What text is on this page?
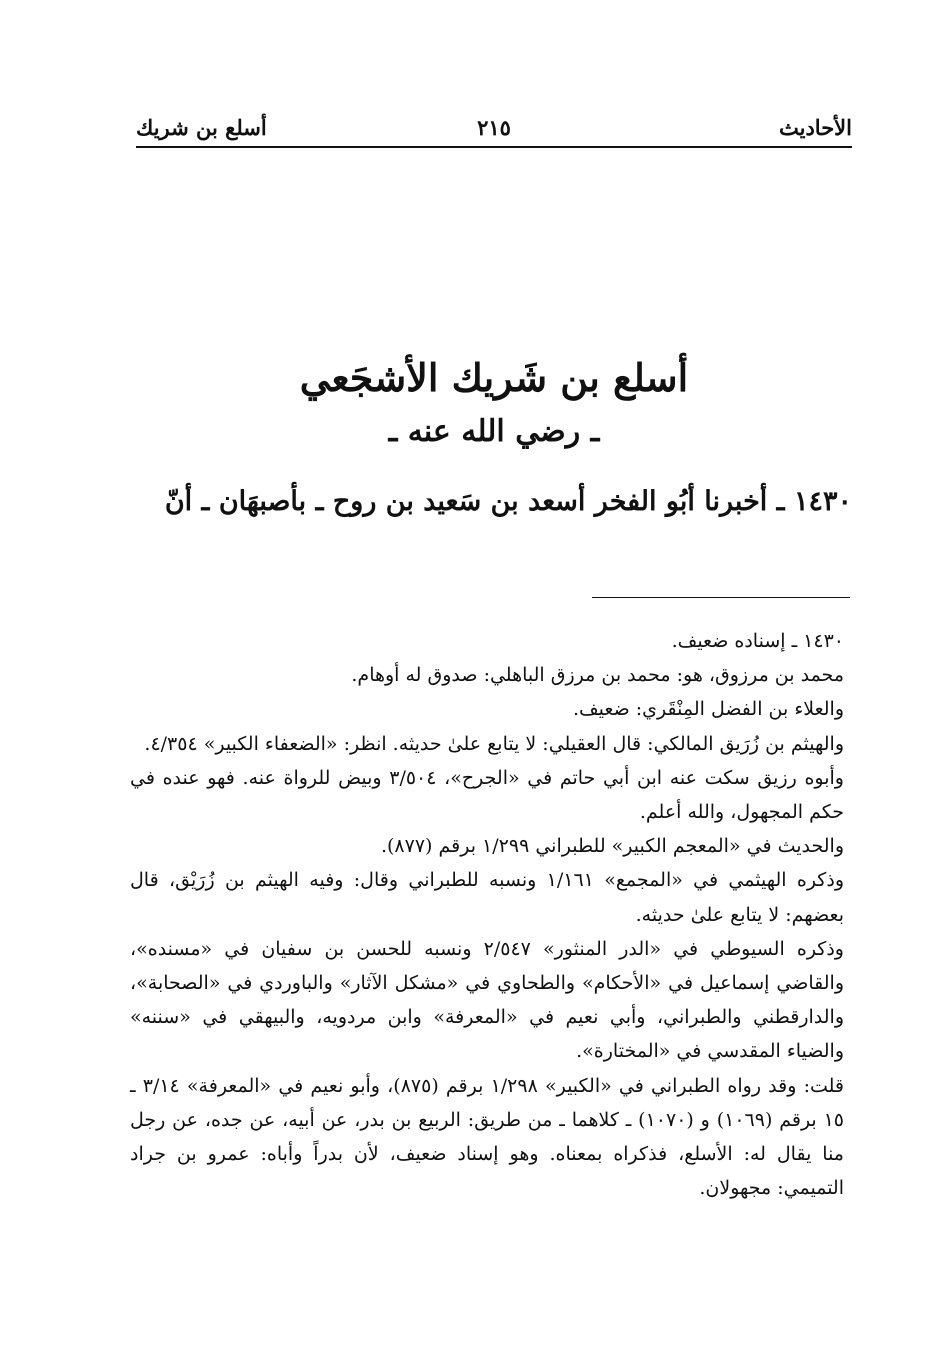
الأحاديث
٢١٥
أسلع بن شريك
أسلع بن شَريك الأشجَعي
ـ رضي الله عنه ـ
١٤٣٠ ـ أخبرنا أبُو الفخر أسعد بن سَعيد بن روح ـ بأصبهَان ـ أنّ

١٤٣٠ ـ إسناده ضعيف.

محمد بن مرزوق، هو: محمد بن مرزق الباهلي: صدوق له أوهام.

والعلاء بن الفضل المِنْقَري: ضعيف.

والهيثم بن زُرَيق المالكي: قال العقيلي: لا يتابع علىٰ حديثه. انظر: «الضعفاء الكبير» ٤/٣٥٤.

وأبوه رزيق سكت عنه ابن أبي حاتم في «الجرح»، ٣/٥٠٤ وبيض للرواة عنه. فهو عنده في حكم المجهول، والله أعلم.

والحديث في «المعجم الكبير» للطبراني ١/٢٩٩ برقم (٨٧٧).

وذكره الهيثمي في «المجمع» ١/١٦١ ونسبه للطبراني وقال: وفيه الهيثم بن زُرَيْق، قال بعضهم: لا يتابع علىٰ حديثه.

وذكره السيوطي في «الدر المنثور» ٢/٥٤٧ ونسبه للحسن بن سفيان في «مسنده»، والقاضي إسماعيل في «الأحكام» والطحاوي في «مشكل الآثار» والباوردي في «الصحابة»، والدارقطني والطبراني، وأبي نعيم في «المعرفة» وابن مردويه، والبيهقي في «سننه» والضياء المقدسي في «المختارة».

قلت: وقد رواه الطبراني في «الكبير» ١/٢٩٨ برقم (٨٧٥)، وأبو نعيم في «المعرفة» ٣/١٤ ـ ١٥ برقم (١٠٦٩) و (١٠٧٠) ـ كلاهما ـ من طريق: الربيع بن بدر، عن أبيه، عن جده، عن رجل منا يقال له: الأسلع، فذكراه بمعناه. وهو إسناد ضعيف، لأن بدراً وأباه: عمرو بن جراد التميمي: مجهولان.
